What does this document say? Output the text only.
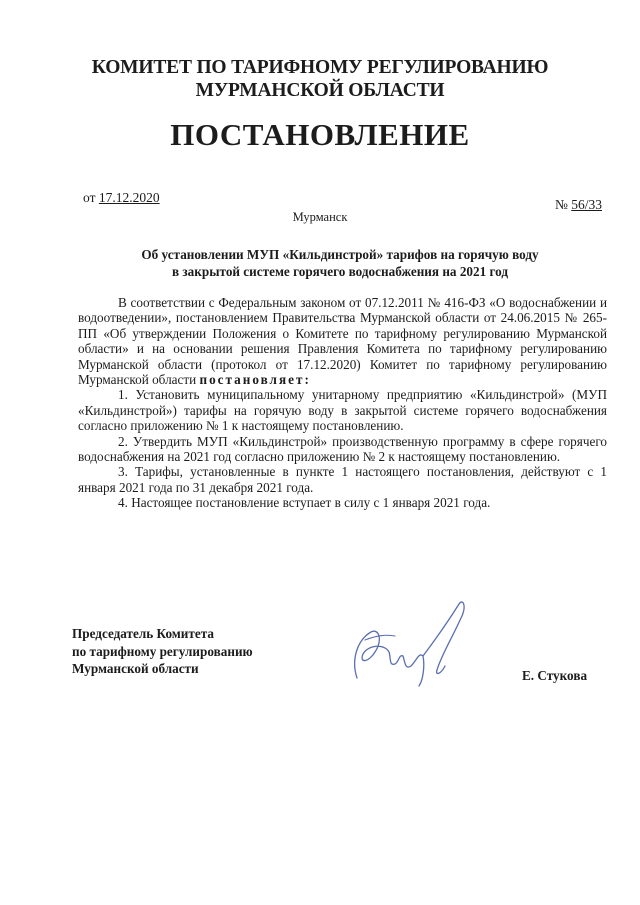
КОМИТЕТ ПО ТАРИФНОМУ РЕГУЛИРОВАНИЮ
МУРМАНСКОЙ ОБЛАСТИ
ПОСТАНОВЛЕНИЕ
от 17.12.2020	№ 56/33
Мурманск
Об установлении МУП «Кильдинстрой» тарифов на горячую воду
в закрытой системе горячего водоснабжения на 2021 год

В соответствии с Федеральным законом от 07.12.2011 № 416-ФЗ «О водоснабжении и водоотведении», постановлением Правительства Мурманской области от 24.06.2015 № 265-ПП «Об утверждении Положения о Комитете по тарифному регулированию Мурманской области» и на основании решения Правления Комитета по тарифному регулированию Мурманской области (протокол от 17.12.2020) Комитет по тарифному регулированию Мурманской области постановляет:

1. Установить муниципальному унитарному предприятию «Кильдинстрой» (МУП «Кильдинстрой») тарифы на горячую воду в закрытой системе горячего водоснабжения согласно приложению № 1 к настоящему постановлению.

2. Утвердить МУП «Кильдинстрой» производственную программу в сфере горячего водоснабжения на 2021 год согласно приложению № 2 к настоящему постановлению.

3. Тарифы, установленные в пункте 1 настоящего постановления, действуют с 1 января 2021 года по 31 декабря 2021 года.

4. Настоящее постановление вступает в силу с 1 января 2021 года.

Председатель Комитета
по тарифному регулированию
Мурманской области	Е. Стукова
